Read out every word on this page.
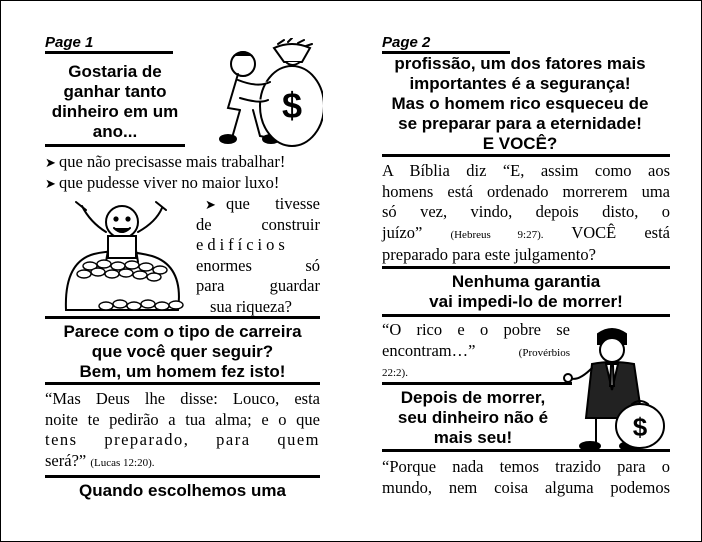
Page 1
Gostaria de
ganhar tanto
dinheiro em um
ano...
$
➤ que não precisasse mais trabalhar!
➤ que pudesse viver no maior luxo!
➤ que tivesse
de construir
edifícios
enormes só
para guardar
sua riqueza?
Parece com o tipo de carreira
que você quer seguir?
Bem, um homem fez isto!
“Mas Deus lhe disse: Louco, esta
noite te pedirão a tua alma; e o que
tens preparado, para quem
será?” (Lucas 12:20).
Quando escolhemos uma
Page 2
profissão, um dos fatores mais
importantes é a segurança!
Mas o homem rico esqueceu de
se preparar para a eternidade!
E VOCÊ?
A Bíblia diz “E, assim como aos
homens está ordenado morrerem uma
só vez, vindo, depois disto, o
juízo”	(Hebreus 9:27). VOCÊ está
preparado para este julgamento?
Nenhuma garantia
vai impedi-lo de morrer!
“O rico e o pobre se
encontram…”	(Provérbios
22:2).
Depois de morrer,
seu dinheiro não é
mais seu!	$
“Porque nada temos trazido para o
mundo, nem coisa alguma podemos
